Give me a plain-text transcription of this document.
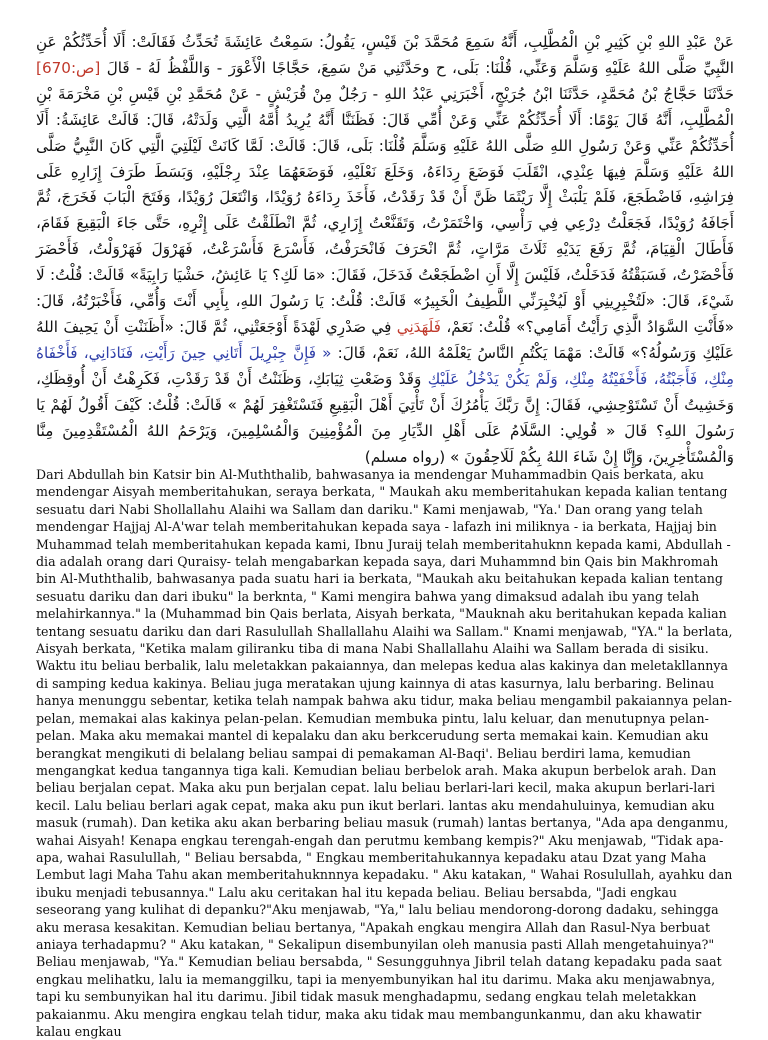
عَنْ عَبْدِ اللهِ بْنِ كَثِيرِ بْنِ الْمُطَّلِبِ، أَنَّهُ سَمِعَ مُحَمَّدَ بْنَ قَيْسٍ، يَقُولُ: سَمِعْتُ عَائِشَةَ تُحَدِّثُ فَقَالَتْ: أَلَا أُحَدِّثُكُمْ عَنِ النَّبِيِّ صَلَّى اللهُ عَلَيْهِ وَسَلَّمَ وَعَنِّي، قُلْنَا: بَلَى، ح وحَدَّثَنِي مَنْ سَمِعَ، حَجَّاجًا الْأَعْوَرَ - وَاللَّفْظُ لَهُ - قَالَ [ص:670] حَدَّثَنَا حَجَّاجُ بْنُ مُحَمَّدٍ، حَدَّثَنَا ابْنُ جُرَيْجٍ، أَخْبَرَنِي عَبْدُ اللهِ - رَجُلٌ مِنْ قُرَيْشٍ - عَنْ مُحَمَّدِ بْنِ قَيْسِ بْنِ مَخْرَمَةَ بْنِ الْمُطَّلِبِ، أَنَّهُ قَالَ يَوْمًا: أَلَا أُحَدِّثُكُمْ عَنِّي وَعَنْ أُمِّي قَالَ: فَظَنَنَّا أَنَّهُ يُرِيدُ أُمَّهُ الَّتِي وَلَدَتْهُ، قَالَ: قَالَتْ عَائِشَةُ: أَلَا أُحَدِّثُكُمْ عَنِّي وَعَنْ رَسُولِ اللهِ صَلَّى اللهُ عَلَيْهِ وَسَلَّمَ قُلْنَا: بَلَى، قَالَ: قَالَتْ: لَمَّا كَانَتْ لَيْلَتِيَ الَّتِي كَانَ النَّبِيُّ صَلَّى اللهُ عَلَيْهِ وَسَلَّمَ فِيهَا عِنْدِي، انْقَلَبَ فَوَضَعَ رِدَاءَهُ، وَخَلَعَ نَعْلَيْهِ، فَوَضَعَهُمَا عِنْدَ رِجْلَيْهِ، وَبَسَطَ طَرَفَ إِزَارِهِ عَلَى فِرَاشِهِ، فَاضْطَجَعَ، فَلَمْ يَلْبَثْ إِلَّا رَيْثَمَا ظَنَّ أَنْ قَدْ رَقَدْتُ، فَأَخَذَ رِدَاءَهُ رُوَيْدًا، وَانْتَعَلَ رُوَيْدًا، وَفَتَحَ الْبَابَ فَخَرَجَ، ثُمَّ أَجَافَهُ رُوَيْدًا، فَجَعَلْتُ دِرْعِي فِي رَأْسِي، وَاخْتَمَرْتُ، وَتَقَنَّعْتُ إِزَارِي، ثُمَّ انْطَلَقْتُ عَلَى إِثْرِهِ، حَتَّى جَاءَ الْبَقِيعَ فَقَامَ، فَأَطَالَ الْقِيَامَ، ثُمَّ رَفَعَ يَدَيْهِ ثَلَاثَ مَرَّاتٍ، ثُمَّ انْحَرَفَ فَانْحَرَفْتُ، فَأَسْرَعَ فَأَسْرَعْتُ، فَهَرْوَلَ فَهَرْوَلْتُ، فَأَحْضَرَ فَأَحْضَرْتُ، فَسَبَقْتُهُ فَدَخَلْتُ، فَلَيْسَ إِلَّا أَنِ اضْطَجَعْتُ فَدَخَلَ، فَقَالَ: «مَا لَكِ؟ يَا عَائِشُ، حَشْيَا رَابِيَةً» قَالَتْ: قُلْتُ: لَا شَيْءَ، قَالَ: «لَتُخْبِرِينِي أَوْ لَيُخْبِرَنِّي اللَّطِيفُ الْخَبِيرُ» قَالَتْ: قُلْتُ: يَا رَسُولَ اللهِ، بِأَبِي أَنْتَ وَأُمِّي، فَأَخْبَرْتُهُ، قَالَ: «فَأَنْتِ السَّوَادُ الَّذِي رَأَيْتُ أَمَامِي؟» قُلْتُ: نَعَمْ، فَلَهَدَنِي فِي صَدْرِي لَهْدَةً أَوْجَعَتْنِي، ثُمَّ قَالَ: «أَظَنَنْتِ أَنْ يَحِيفَ اللهُ عَلَيْكِ وَرَسُولُهُ؟» قَالَتْ: مَهْمَا يَكْتُمِ النَّاسُ يَعْلَمْهُ اللهُ، نَعَمْ، قَالَ: « فَإِنَّ جِبْرِيلَ أَتَانِي حِينَ رَأَيْتِ، فَنَادَانِي، فَأَخْفَاهُ مِنْكِ، فَأَجَبْتُهُ، فَأَخْفَيْتُهُ مِنْكِ، وَلَمْ يَكُنْ يَدْخُلُ عَلَيْكِ وَقَدْ وَضَعْتِ ثِيَابَكِ، وَظَنَنْتُ أَنْ قَدْ رَقَدْتِ، فَكَرِهْتُ أَنْ أُوقِظَكِ، وَخَشِيتُ أَنْ تَسْتَوْحِشِي، فَقَالَ: إِنَّ رَبَّكَ يَأْمُرُكَ أَنْ تَأْتِيَ أَهْلَ الْبَقِيعِ فَتَسْتَغْفِرَ لَهُمْ » قَالَتْ: قُلْتُ: كَيْفَ أَقُولُ لَهُمْ يَا رَسُولَ اللهِ؟ قَالَ « قُولِي: السَّلَامُ عَلَى أَهْلِ الدِّيَارِ مِنَ الْمُؤْمِنِينَ وَالْمُسْلِمِينَ، وَيَرْحَمُ اللهُ الْمُسْتَقْدِمِينَ مِنَّا وَالْمُسْتَأْخِرِينَ، وَإِنَّا إِنْ شَاءَ اللهُ بِكُمْ لَلَاحِقُونَ » (رواه مسلم)

Dari Abdullah bin Katsir bin Al-Muththalib, bahwasanya ia mendengar Muhammadbin Qais berkata, aku mendengar Aisyah memberitahukan, seraya berkata, " Maukah aku memberitahukan kepada kalian tentang sesuatu dari Nabi Shollallahu Alaihi wa Sallam dan dariku." Kami menjawab, "Ya.' Dan orang yang telah mendengar Hajjaj Al-A'war telah memberitahukan kepada saya - lafazh ini miliknya - ia berkata, Hajjaj bin Muhammad telah memberitahukan kepada kami, Ibnu Juraij telah memberitahuknn kepada kami, Abdullah -dia adalah orang dari Quraisy- telah mengabarkan kepada saya, dari Muhammnd bin Qais bin Makhromah bin Al-Muththalib, bahwasanya pada suatu hari ia berkata, "Maukah aku beitahukan kepada kalian tentang sesuatu dariku dan dari ibuku" la berknta, " Kami mengira bahwa yang dimaksud adalah ibu yang telah melahirkannya." la (Muhammad bin Qais berlata, Aisyah berkata, "Mauknah aku beritahukan kepada kalian tentang sesuatu dariku dan dari Rasulullah Shallallahu Alaihi wa Sallam." Knami menjawab, "YA." la berlata, Aisyah berkata, "Ketika malam giliranku tiba di mana Nabi Shallallahu Alaihi wa Sallam berada di sisiku. Waktu itu beliau berbalik, lalu meletakkan pakaiannya, dan melepas kedua alas kakinya dan meletakllannya di samping kedua kakinya. Beliau juga meratakan ujung kainnya di atas kasurnya, lalu berbaring. Belinau hanya menunggu sebentar, ketika telah nampak bahwa aku tidur, maka beliau mengambil pakaiannya pelan-pelan, memakai alas kakinya pelan-pelan. Kemudian membuka pintu, lalu keluar, dan menutupnya pelan-pelan. Maka aku memakai mantel di kepalaku dan aku berkcerudung serta memakai kain. Kemudian aku berangkat mengikuti di belalang beliau sampai di pemakaman Al-Baqi'. Beliau berdiri lama, kemudian mengangkat kedua tangannya tiga kali. Kemudian beliau berbelok arah. Maka akupun berbelok arah. Dan beliau berjalan cepat. Maka aku pun berjalan cepat. lalu beliau berlari-lari kecil, maka akupun berlari-lari kecil. Lalu beliau berlari agak cepat, maka aku pun ikut berlari. lantas aku mendahuluinya, kemudian aku masuk (rumah). Dan ketika aku akan berbaring beliau masuk (rumah) lantas bertanya, "Ada apa denganmu, wahai Aisyah! Kenapa engkau terengah-engah dan perutmu kembang kempis?" Aku menjawab, "Tidak apa-apa, wahai Rasulullah, " Beliau bersabda, " Engkau memberitahukannya kepadaku atau Dzat yang Maha Lembut lagi Maha Tahu akan memberitahuknnnya kepadaku. " Aku katakan, " Wahai Rosulullah, ayahku dan ibuku menjadi tebusannya." Lalu aku ceritakan hal itu kepada beliau. Beliau bersabda, "Jadi engkau seseorang yang kulihat di depanku?"Aku menjawab, "Ya," lalu beliau mendorong-dorong dadaku, sehingga aku merasa kesakitan. Kemudian beliau bertanya, "Apakah engkau mengira Allah dan Rasul-Nya berbuat aniaya terhadapmu? " Aku katakan, " Sekalipun disembunyilan oleh manusia pasti Allah mengetahuinya?" Beliau menjawab, "Ya." Kemudian beliau bersabda, " Sesungguhnya Jibril telah datang kepadaku pada saat engkau melihatku, lalu ia memanggilku, tapi ia menyembunyikan hal itu darimu. Maka aku menjawabnya, tapi ku sembunyikan hal itu darimu. Jibil tidak masuk menghadapmu, sedang engkau telah meletakkan pakaianmu. Aku mengira engkau telah tidur, maka aku tidak mau membangunkanmu, dan aku khawatir kalau engkau
